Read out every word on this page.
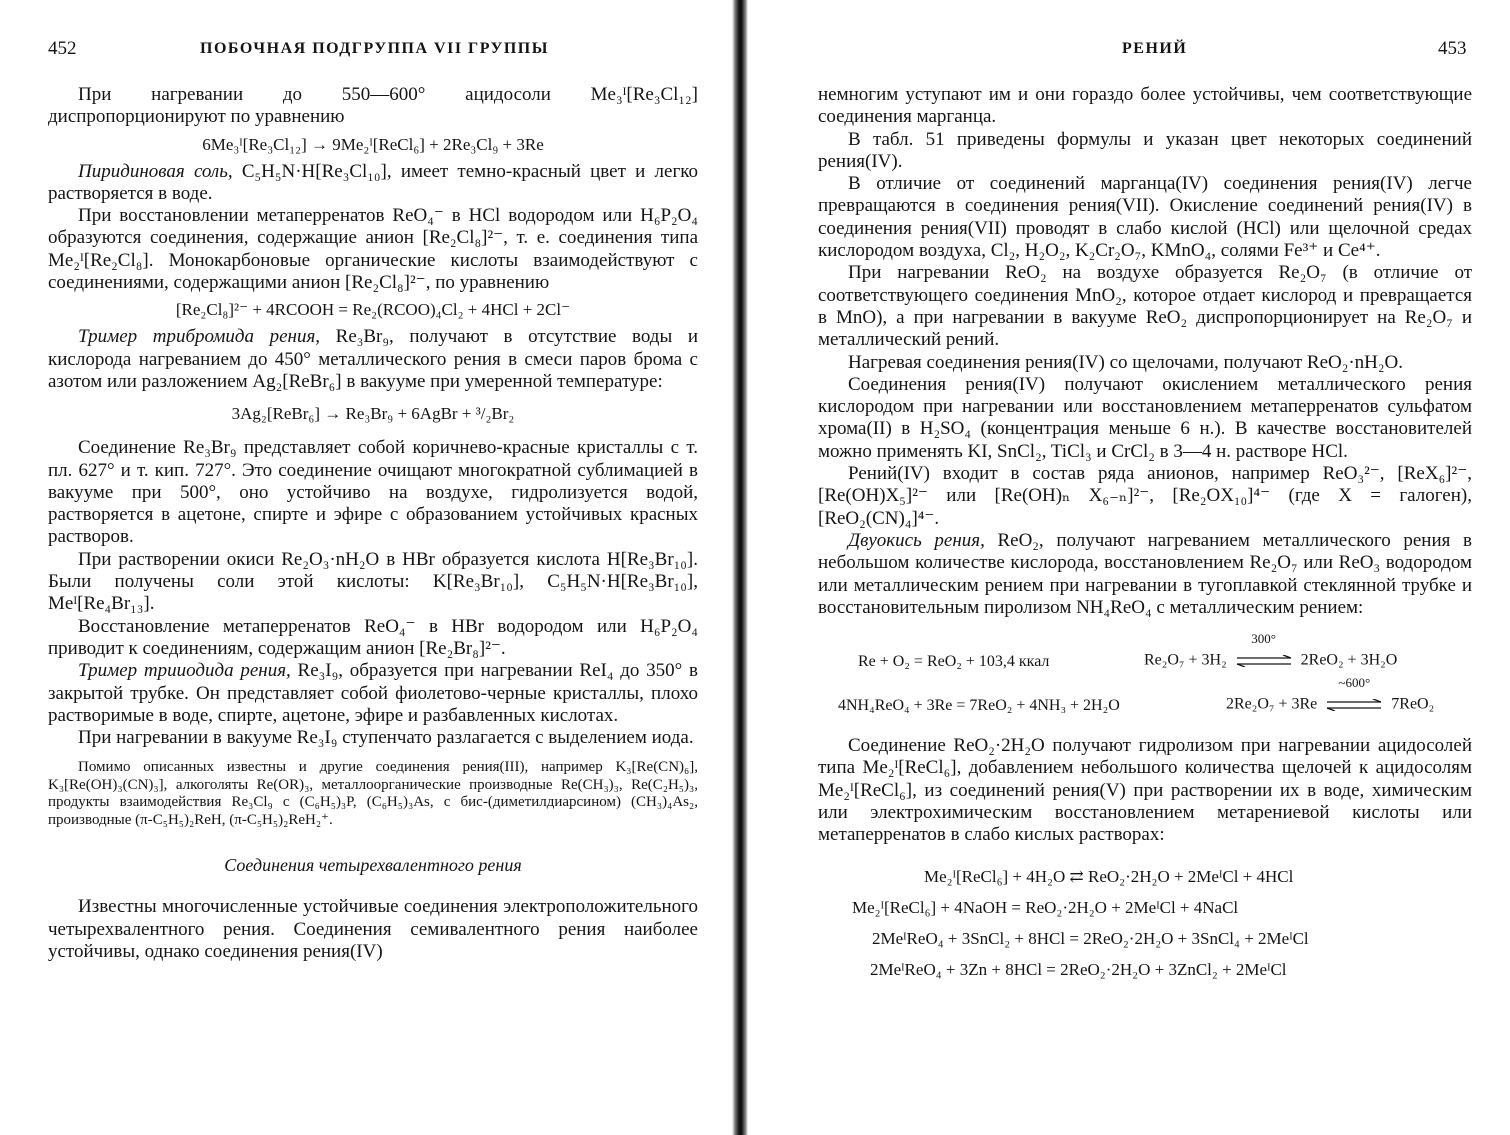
452	ПОБОЧНАЯ ПОДГРУППА VII ГРУППЫ

При нагревании до 550—600° ацидосоли Me₃ᴵ[Re₃Cl₁₂] диспропорционируют по уравнению

6Me₃ᴵ[Re₃Cl₁₂] → 9Me₂ᴵ[ReCl₆] + 2Re₃Cl₉ + 3Re

Пиридиновая соль, C₅H₅N·H[Re₃Cl₁₀], имеет темно-красный цвет и легко растворяется в воде.

При восстановлении метаперренатов ReO₄⁻ в HCl водородом или H₆P₂O₄ образуются соединения, содержащие анион [Re₂Cl₈]²⁻, т. е. соединения типа Me₂ᴵ[Re₂Cl₈]. Монокарбоновые органические кислоты взаимодействуют с соединениями, содержащими анион [Re₂Cl₈]²⁻, по уравнению

[Re₂Cl₈]²⁻ + 4RCOOH = Re₂(RCOO)₄Cl₂ + 4HCl + 2Cl⁻

Тример трибромида рения, Re₃Br₉, получают в отсутствие воды и кислорода нагреванием до 450° металлического рения в смеси паров брома с азотом или разложением Ag₂[ReBr₆] в вакууме при умеренной температуре:

3Ag₂[ReBr₆] → Re₃Br₉ + 6AgBr + ³/₂Br₂

Соединение Re₃Br₉ представляет собой коричнево-красные кристаллы с т. пл. 627° и т. кип. 727°. Это соединение очищают многократной сублимацией в вакууме при 500°, оно устойчиво на воздухе, гидролизуется водой, растворяется в ацетоне, спирте и эфире с образованием устойчивых красных растворов.

При растворении окиси Re₂O₃·nH₂O в HBr образуется кислота H[Re₃Br₁₀]. Были получены соли этой кислоты: K[Re₃Br₁₀], C₅H₅N·H[Re₃Br₁₀], Meᴵ[Re₄Br₁₃].

Восстановление метаперренатов ReO₄⁻ в HBr водородом или H₆P₂O₄ приводит к соединениям, содержащим анион [Re₂Br₈]²⁻.

Тример трииодида рения, Re₃I₉, образуется при нагревании ReI₄ до 350° в закрытой трубке. Он представляет собой фиолетово-черные кристаллы, плохо растворимые в воде, спирте, ацетоне, эфире и разбавленных кислотах.

При нагревании в вакууме Re₃I₉ ступенчато разлагается с выделением иода.

Помимо описанных известны и другие соединения рения(III), например K₃[Re(CN)₆], K₃[Re(OH)₃(CN)₃], алкоголяты Re(OR)₃, металлоорганические производные Re(CH₃)₃, Re(C₂H₅)₃, продукты взаимодействия Re₃Cl₉ с (C₆H₅)₃P, (C₆H₅)₃As, с бис-(диметилдиарсином) (CH₃)₄As₂, производные (π-C₅H₅)₂ReH, (π-C₅H₅)₂ReH₂⁺.
Соединения четырехвалентного рения

Известны многочисленные устойчивые соединения электроположительного четырехвалентного рения. Соединения семивалентного рения наиболее устойчивы, однако соединения рения(IV)

РЕНИЙ	453

немногим уступают им и они гораздо более устойчивы, чем соответствующие соединения марганца.

В табл. 51 приведены формулы и указан цвет некоторых соединений рения(IV).

В отличие от соединений марганца(IV) соединения рения(IV) легче превращаются в соединения рения(VII). Окисление соединений рения(IV) в соединения рения(VII) проводят в слабо кислой (HCl) или щелочной средах кислородом воздуха, Cl₂, H₂O₂, K₂Cr₂O₇, KMnO₄, солями Fe³⁺ и Ce⁴⁺.

При нагревании ReO₂ на воздухе образуется Re₂O₇ (в отличие от соответствующего соединения MnO₂, которое отдает кислород и превращается в MnO), а при нагревании в вакууме ReO₂ диспропорционирует на Re₂O₇ и металлический рений.

Нагревая соединения рения(IV) со щелочами, получают ReO₂·nH₂O.

Соединения рения(IV) получают окислением металлического рения кислородом при нагревании или восстановлением метаперренатов сульфатом хрома(II) в H₂SO₄ (концентрация меньше 6 н.). В качестве восстановителей можно применять KI, SnCl₂, TiCl₃ и CrCl₂ в 3—4 н. растворе HCl.

Рений(IV) входит в состав ряда анионов, например ReO₃²⁻, [ReX₆]²⁻, [Re(OH)X₅]²⁻ или [Re(OH)ₙ X₆₋ₙ]²⁻, [Re₂OX₁₀]⁴⁻ (где X = галоген), [ReO₂(CN)₄]⁴⁻.

Двуокись рения, ReO₂, получают нагреванием металлического рения в небольшом количестве кислорода, восстановлением Re₂O₇ или ReO₃ водородом или металлическим рением при нагревании в тугоплавкой стеклянной трубке и восстановительным пиролизом NH₄ReO₄ с металлическим рением:

Re + O₂ = ReO₂ + 103,4 ккал	Re₂O₇ + 3H₂
300°
2ReO₂ + 3H₂O
4NH₄ReO₄ + 3Re = 7ReO₂ + 4NH₃ + 2H₂O	2Re₂O₇ + 3Re
~600°
7ReO₂

Соединение ReO₂·2H₂O получают гидролизом при нагревании ацидосолей типа Me₂ᴵ[ReCl₆], добавлением небольшого количества щелочей к ацидосолям Me₂ᴵ[ReCl₆], из соединений рения(V) при растворении их в воде, химическим или электрохимическим восстановлением метарениевой кислоты или метаперренатов в слабо кислых растворах:

Me₂ᴵ[ReCl₆] + 4H₂O ⇄ ReO₂·2H₂O + 2MeᴵCl + 4HCl
Me₂ᴵ[ReCl₆] + 4NaOH = ReO₂·2H₂O + 2MeᴵCl + 4NaCl
2MeᴵReO₄ + 3SnCl₂ + 8HCl = 2ReO₂·2H₂O + 3SnCl₄ + 2MeᴵCl
2MeᴵReO₄ + 3Zn + 8HCl = 2ReO₂·2H₂O + 3ZnCl₂ + 2MeᴵCl
